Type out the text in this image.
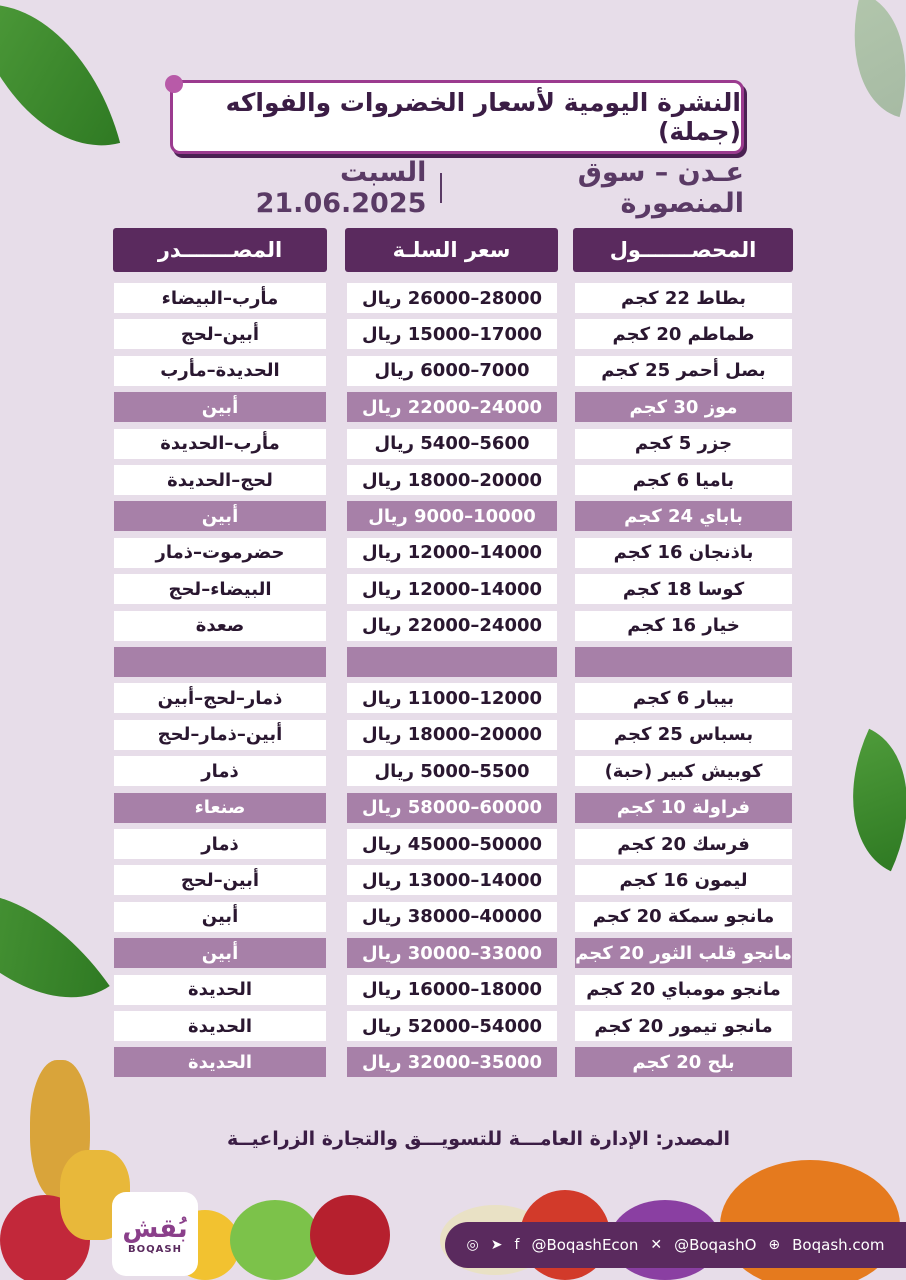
النشرة اليومية لأسعار الخضروات والفواكه (جملة)
عـدن – سوق المنصورة
السبت 21.06.2025
المحصـــــــول
سعر السلـة
المصـــــــدر
بطاط 22 كجم
28000–26000 ريال
مأرب–البيضاء
طماطم 20 كجم
17000–15000 ريال
أبين–لحج
بصل أحمر 25 كجم
7000–6000 ريال
الحديدة–مأرب
موز 30 كجم
24000–22000 ريال
أبين
جزر 5 كجم
5600–5400 ريال
مأرب–الحديدة
باميا 6 كجم
20000–18000 ريال
لحج–الحديدة
باباي 24 كجم
10000–9000 ريال
أبين
باذنجان 16 كجم
14000–12000 ريال
حضرموت–ذمار
كوسا 18 كجم
14000–12000 ريال
البيضاء–لحج
خيار 16 كجم
24000–22000 ريال
صعدة
بيبار 6 كجم
12000–11000 ريال
ذمار–لحج–أبين
بسباس 25 كجم
20000–18000 ريال
أبين–ذمار–لحج
كوبيش كبير (حبة)
5500–5000 ريال
ذمار
فراولة 10 كجم
60000–58000 ريال
صنعاء
فرسك 20 كجم
50000–45000 ريال
ذمار
ليمون 16 كجم
14000–13000 ريال
أبين–لحج
مانجو سمكة 20 كجم
40000–38000 ريال
أبين
مانجو قلب الثور 20 كجم
33000–30000 ريال
أبين
مانجو مومباي 20 كجم
18000–16000 ريال
الحديدة
مانجو تيمور 20 كجم
54000–52000 ريال
الحديدة
بلح 20 كجم
35000–32000 ريال
الحديدة
المصدر: الإدارة العامـــة للتسويـــق والتجارة الزراعيــة
بُقش
BOQASH	◎ ➤ f @BoqashEcon ✕ @BoqashO ⊕ Boqash.com
